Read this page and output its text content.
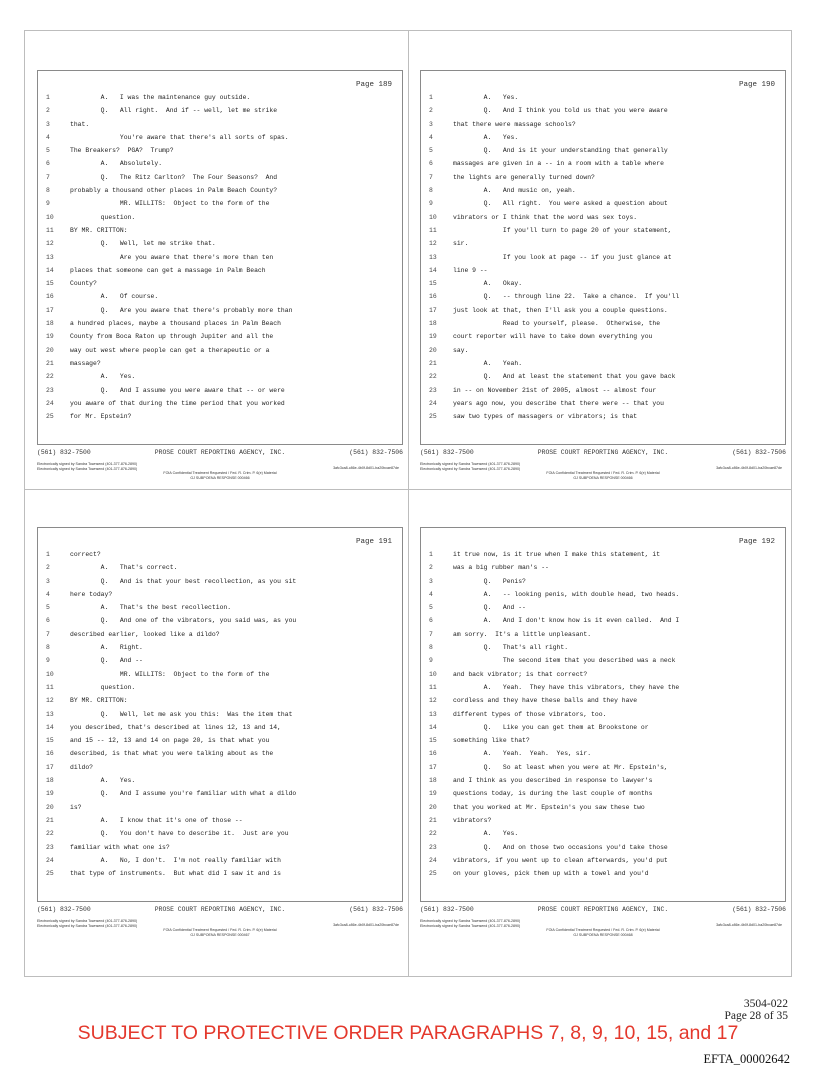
Page 189
1	A.   I was the maintenance guy outside.
2	Q.   All right.  And if -- well, let me strike
3	that.
4	You're aware that there's all sorts of spas.
5	The Breakers?  PGA?  Trump?
6	A.   Absolutely.
7	Q.   The Ritz Carlton?  The Four Seasons?  And
8	probably a thousand other places in Palm Beach County?
9	MR. WILLITS:  Object to the form of the
10	question.
11	BY MR. CRITTON:
12	Q.   Well, let me strike that.
13	Are you aware that there's more than ten
14	places that someone can get a massage in Palm Beach
15	County?
16	A.   Of course.
17	Q.   Are you aware that there's probably more than
18	a hundred places, maybe a thousand places in Palm Beach
19	County from Boca Raton up through Jupiter and all the
20	way out west where people can get a therapeutic or a
21	massage?
22	A.   Yes.
23	Q.   And I assume you were aware that -- or were
24	you aware of that during the time period that you worked
25	for Mr. Epstein?
(561) 832-7500	PROSE COURT REPORTING AGENCY, INC.	(561) 832-7506
Electronically signed by Sandra Townsend (401-377-876-2890)
Electronically signed by Sandra Townsend (401-377-876-2890)	3afc3ca8-c86e-4b0f-8d01-ba20bcae87de
FOIA Confidential Treatment Requested / Fed. R. Crim. P. 6(e) Material
GJ SUBPOENA RESPONSE 000466
Page 190
1	A.   Yes.
2	Q.   And I think you told us that you were aware
3	that there were massage schools?
4	A.   Yes.
5	Q.   And is it your understanding that generally
6	massages are given in a -- in a room with a table where
7	the lights are generally turned down?
8	A.   And music on, yeah.
9	Q.   All right.  You were asked a question about
10	vibrators or I think that the word was sex toys.
11	If you'll turn to page 20 of your statement,
12	sir.
13	If you look at page -- if you just glance at
14	line 9 --
15	A.   Okay.
16	Q.   -- through line 22.  Take a chance.  If you'll
17	just look at that, then I'll ask you a couple questions.
18	Read to yourself, please.  Otherwise, the
19	court reporter will have to take down everything you
20	say.
21	A.   Yeah.
22	Q.   And at least the statement that you gave back
23	in -- on November 21st of 2005, almost -- almost four
24	years ago now, you describe that there were -- that you
25	saw two types of massagers or vibrators; is that
(561) 832-7500	PROSE COURT REPORTING AGENCY, INC.	(561) 832-7506
Electronically signed by Sandra Townsend (401-377-876-2890)
Electronically signed by Sandra Townsend (401-377-876-2890)	3afc3ca8-c86e-4b0f-8d01-ba20bcae87de
FOIA Confidential Treatment Requested / Fed. R. Crim. P. 6(e) Material
GJ SUBPOENA RESPONSE 000466
Page 191
1	correct?
2	A.   That's correct.
3	Q.   And is that your best recollection, as you sit
4	here today?
5	A.   That's the best recollection.
6	Q.   And one of the vibrators, you said was, as you
7	described earlier, looked like a dildo?
8	A.   Right.
9	Q.   And --
10	MR. WILLITS:  Object to the form of the
11	question.
12	BY MR. CRITTON:
13	Q.   Well, let me ask you this:  Was the item that
14	you described, that's described at lines 12, 13 and 14,
15	and 15 -- 12, 13 and 14 on page 20, is that what you
16	described, is that what you were talking about as the
17	dildo?
18	A.   Yes.
19	Q.   And I assume you're familiar with what a dildo
20	is?
21	A.   I know that it's one of those --
22	Q.   You don't have to describe it.  Just are you
23	familiar with what one is?
24	A.   No, I don't.  I'm not really familiar with
25	that type of instruments.  But what did I saw it and is
(561) 832-7500	PROSE COURT REPORTING AGENCY, INC.	(561) 832-7506
Electronically signed by Sandra Townsend (401-377-876-2890)
Electronically signed by Sandra Townsend (401-377-876-2890)	3afc3ca8-c86e-4b0f-8d01-ba20bcae87de
FOIA Confidential Treatment Requested / Fed. R. Crim. P. 6(e) Material
GJ SUBPOENA RESPONSE 000467
Page 192
1	it true now, is it true when I make this statement, it
2	was a big rubber man's --
3	Q.   Penis?
4	A.   -- looking penis, with double head, two heads.
5	Q.   And --
6	A.   And I don't know how is it even called.  And I
7	am sorry.  It's a little unpleasant.
8	Q.   That's all right.
9	The second item that you described was a neck
10	and back vibrator; is that correct?
11	A.   Yeah.  They have this vibrators, they have the
12	cordless and they have these balls and they have
13	different types of those vibrators, too.
14	Q.   Like you can get them at Brookstone or
15	something like that?
16	A.   Yeah.  Yeah.  Yes, sir.
17	Q.   So at least when you were at Mr. Epstein's,
18	and I think as you described in response to lawyer's
19	questions today, is during the last couple of months
20	that you worked at Mr. Epstein's you saw these two
21	vibrators?
22	A.   Yes.
23	Q.   And on those two occasions you'd take those
24	vibrators, if you went up to clean afterwards, you'd put
25	on your gloves, pick them up with a towel and you'd
(561) 832-7500	PROSE COURT REPORTING AGENCY, INC.	(561) 832-7506
Electronically signed by Sandra Townsend (401-377-876-2890)
Electronically signed by Sandra Townsend (401-377-876-2890)	3afc3ca8-c86e-4b0f-8d01-ba20bcae87de
FOIA Confidential Treatment Requested / Fed. R. Crim. P. 6(e) Material
GJ SUBPOENA RESPONSE 000468
3504-022
Page 28 of 35
SUBJECT TO PROTECTIVE ORDER PARAGRAPHS 7, 8, 9, 10, 15, and 17
EFTA_00002642
